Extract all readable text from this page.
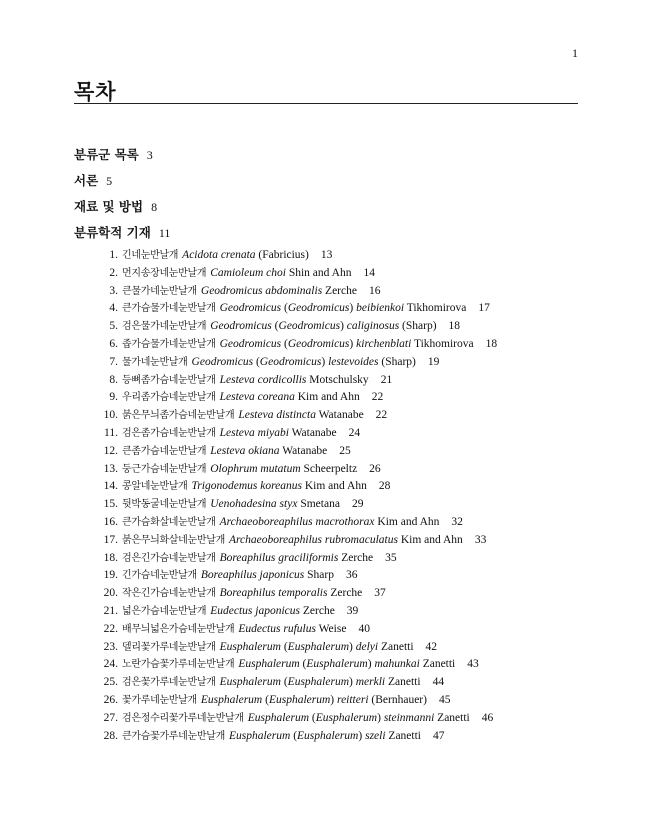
1
목차
분류군 목록 3
서론 5
재료 및 방법 8
분류학적 기재 11
1. 긴네눈반날개 Acidota crenata (Fabricius) 13
2. 먼지송장네눈반날개 Camioleum choi Shin and Ahn 14
3. 큰물가네눈반날개 Geodromicus abdominalis Zerche 16
4. 큰가슴물가네눈반날개 Geodromicus (Geodromicus) beibienkoi Tikhomirova 17
5. 검은물가네눈반날개 Geodromicus (Geodromicus) caliginosus (Sharp) 18
6. 좁가슴물가네눈반날개 Geodromicus (Geodromicus) kirchenblati Tikhomirova 18
7. 물가네눈반날개 Geodromicus (Geodromicus) lestevoides (Sharp) 19
8. 등뼈좀가슴네눈반날개 Lesteva cordicollis Motschulsky 21
9. 우리좀가슴네눈반날개 Lesteva coreana Kim and Ahn 22
10. 붉은무늬좀가슴네눈반날개 Lesteva distincta Watanabe 22
11. 검은좀가슴네눈반날개 Lesteva miyabi Watanabe 24
12. 큰좀가슴네눈반날개 Lesteva okiana Watanabe 25
13. 둥근가슴네눈반날개 Olophrum mutatum Scheerpeltz 26
14. 콩알네눈반날개 Trigonodemus koreanus Kim and Ahn 28
15. 뒷박동굴네눈반날개 Uenohadesina styx Smetana 29
16. 큰가슴화살네눈반날개 Archaeoboreaphilus macrothorax Kim and Ahn 32
17. 붉은무늬화살네눈반날개 Archaeoboreaphilus rubromaculatus Kim and Ahn 33
18. 검은긴가슴네눈반날개 Boreaphilus graciliformis Zerche 35
19. 긴가슴네눈반날개 Boreaphilus japonicus Sharp 36
20. 작은긴가슴네눈반날개 Boreaphilus temporalis Zerche 37
21. 넓은가슴네눈반날개 Eudectus japonicus Zerche 39
22. 배무늬넓은가슴네눈반날개 Eudectus rufulus Weise 40
23. 델리꽃가루네눈반날개 Eusphalerum (Eusphalerum) delyi Zanetti 42
24. 노란가슴꽃가루네눈반날개 Eusphalerum (Eusphalerum) mahunkai Zanetti 43
25. 검은꽃가루네눈반날개 Eusphalerum (Eusphalerum) merkli Zanetti 44
26. 꽃가루네눈반날개 Eusphalerum (Eusphalerum) reitteri (Bernhauer) 45
27. 검은정수리꽃가루네눈반날개 Eusphalerum (Eusphalerum) steinmanni Zanetti 46
28. 큰가슴꽃가루네눈반날개 Eusphalerum (Eusphalerum) szeli Zanetti 47
